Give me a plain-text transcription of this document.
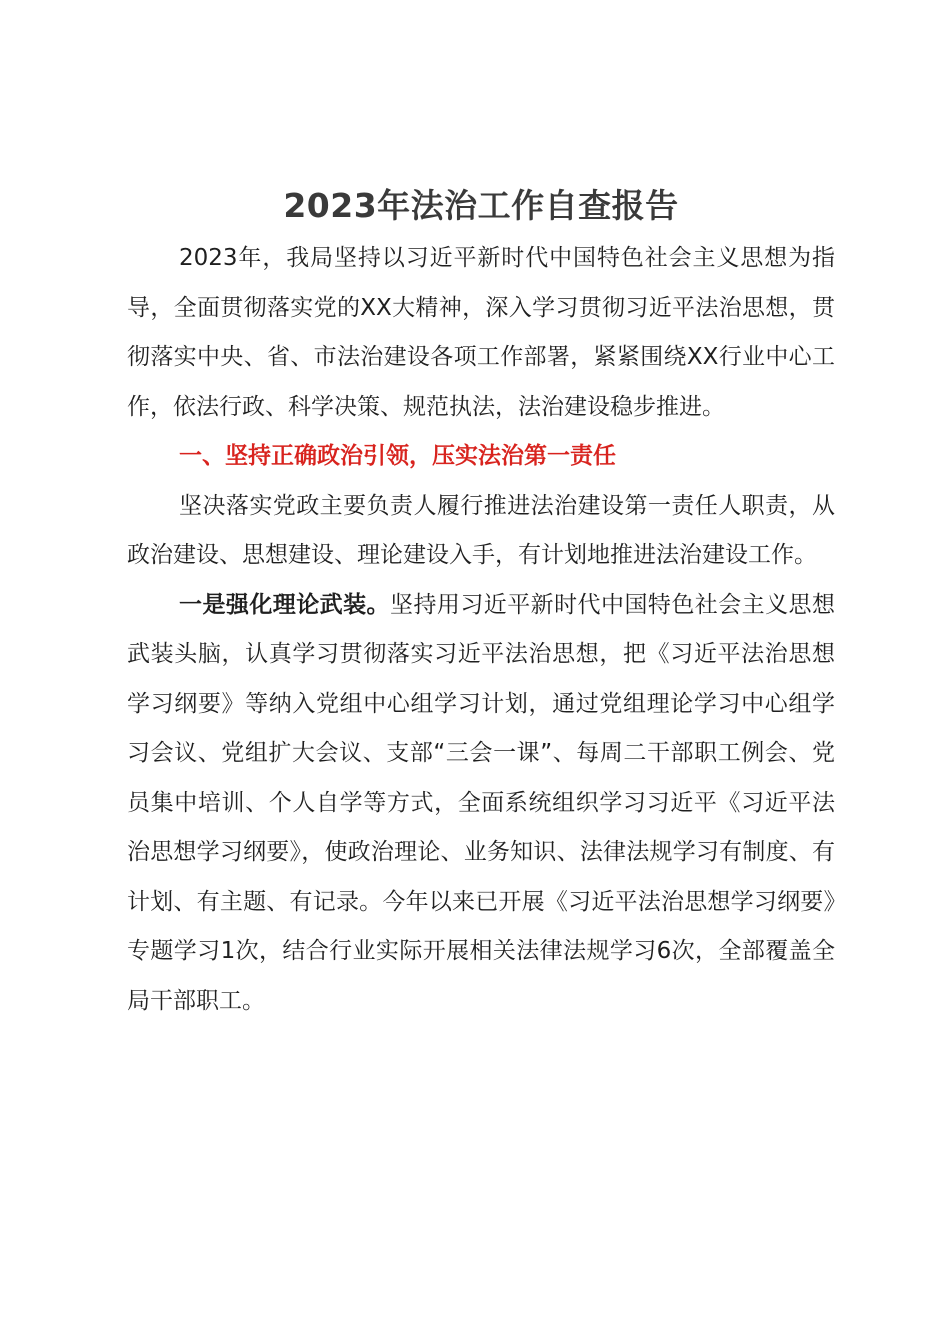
2023年法治工作自查报告

2023年，我局坚持以习近平新时代中国特色社会主义思想为指导，全面贯彻落实党的XX大精神，深入学习贯彻习近平法治思想，贯彻落实中央、省、市法治建设各项工作部署，紧紧围绕XX行业中心工作，依法行政、科学决策、规范执法，法治建设稳步推进。

一、坚持正确政治引领，压实法治第一责任

坚决落实党政主要负责人履行推进法治建设第一责任人职责，从政治建设、思想建设、理论建设入手，有计划地推进法治建设工作。

一是强化理论武装。坚持用习近平新时代中国特色社会主义思想武装头脑，认真学习贯彻落实习近平法治思想，把《习近平法治思想学习纲要》等纳入党组中心组学习计划，通过党组理论学习中心组学习会议、党组扩大会议、支部“三会一课”、每周二干部职工例会、党员集中培训、个人自学等方式，全面系统组织学习习近平《习近平法治思想学习纲要》，使政治理论、业务知识、法律法规学习有制度、有计划、有主题、有记录。今年以来已开展《习近平法治思想学习纲要》专题学习1次，结合行业实际开展相关法律法规学习6次，全部覆盖全局干部职工。
